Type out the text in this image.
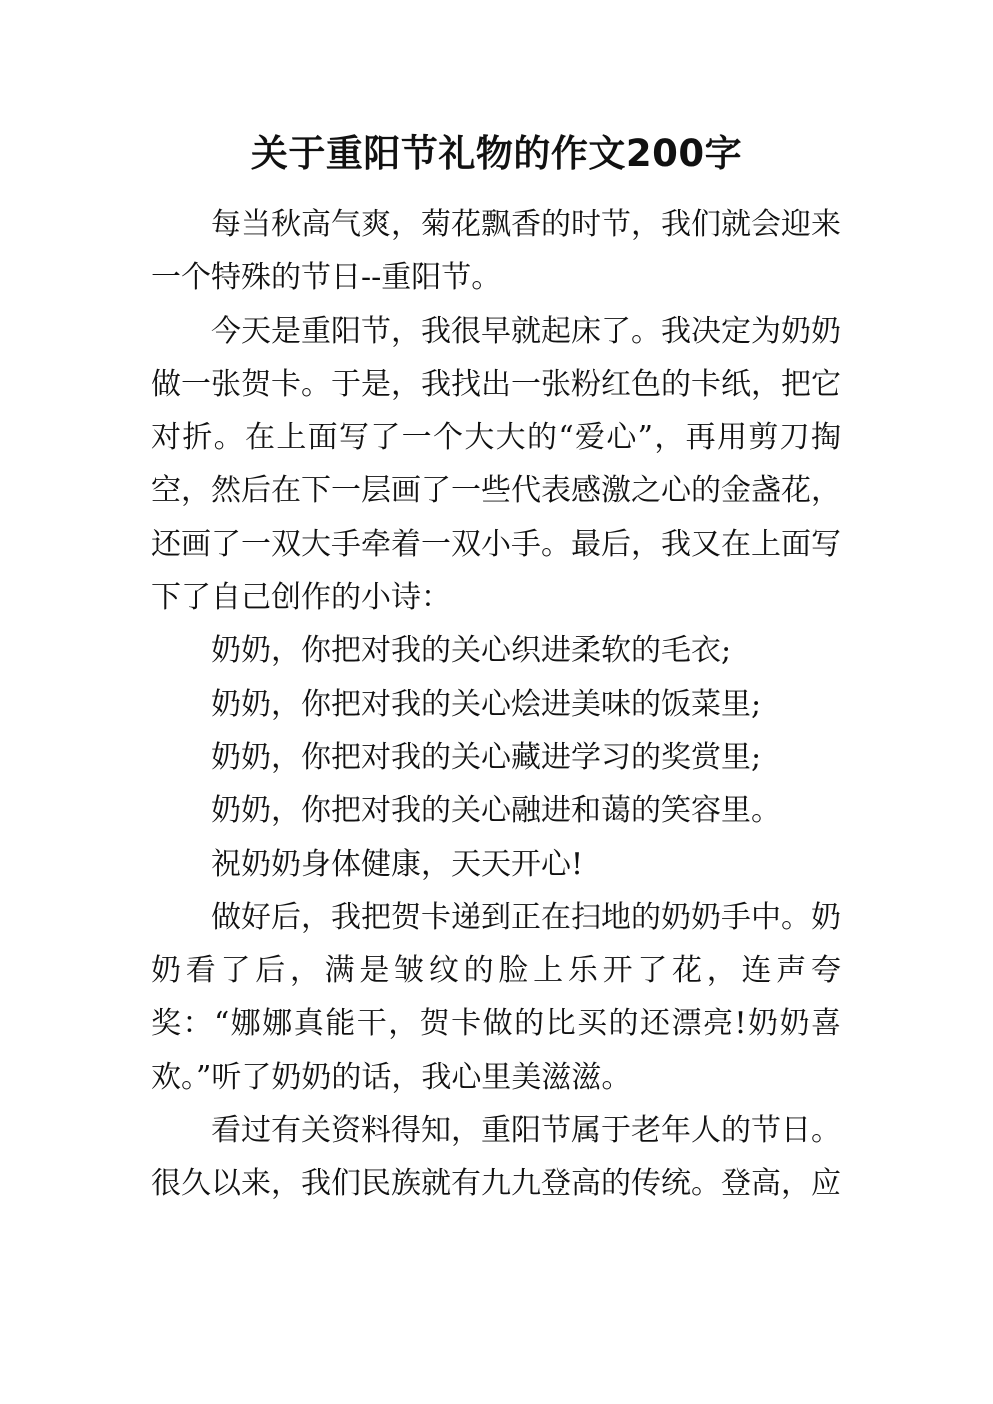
关于重阳节礼物的作文200字

每当秋高气爽，菊花飘香的时节，我们就会迎来一个特殊的节日--重阳节。

今天是重阳节，我很早就起床了。我决定为奶奶做一张贺卡。于是，我找出一张粉红色的卡纸，把它对折。在上面写了一个大大的“爱心”，再用剪刀掏空，然后在下一层画了一些代表感激之心的金盏花，还画了一双大手牵着一双小手。最后，我又在上面写下了自己创作的小诗：

奶奶，你把对我的关心织进柔软的毛衣;

奶奶，你把对我的关心烩进美味的饭菜里;

奶奶，你把对我的关心藏进学习的奖赏里;

奶奶，你把对我的关心融进和蔼的笑容里。

祝奶奶身体健康，天天开心!

做好后，我把贺卡递到正在扫地的奶奶手中。奶奶看了后，满是皱纹的脸上乐开了花，连声夸奖：“娜娜真能干，贺卡做的比买的还漂亮!奶奶喜欢。”听了奶奶的话，我心里美滋滋。

看过有关资料得知，重阳节属于老年人的节日。很久以来，我们民族就有九九登高的传统。登高，应
